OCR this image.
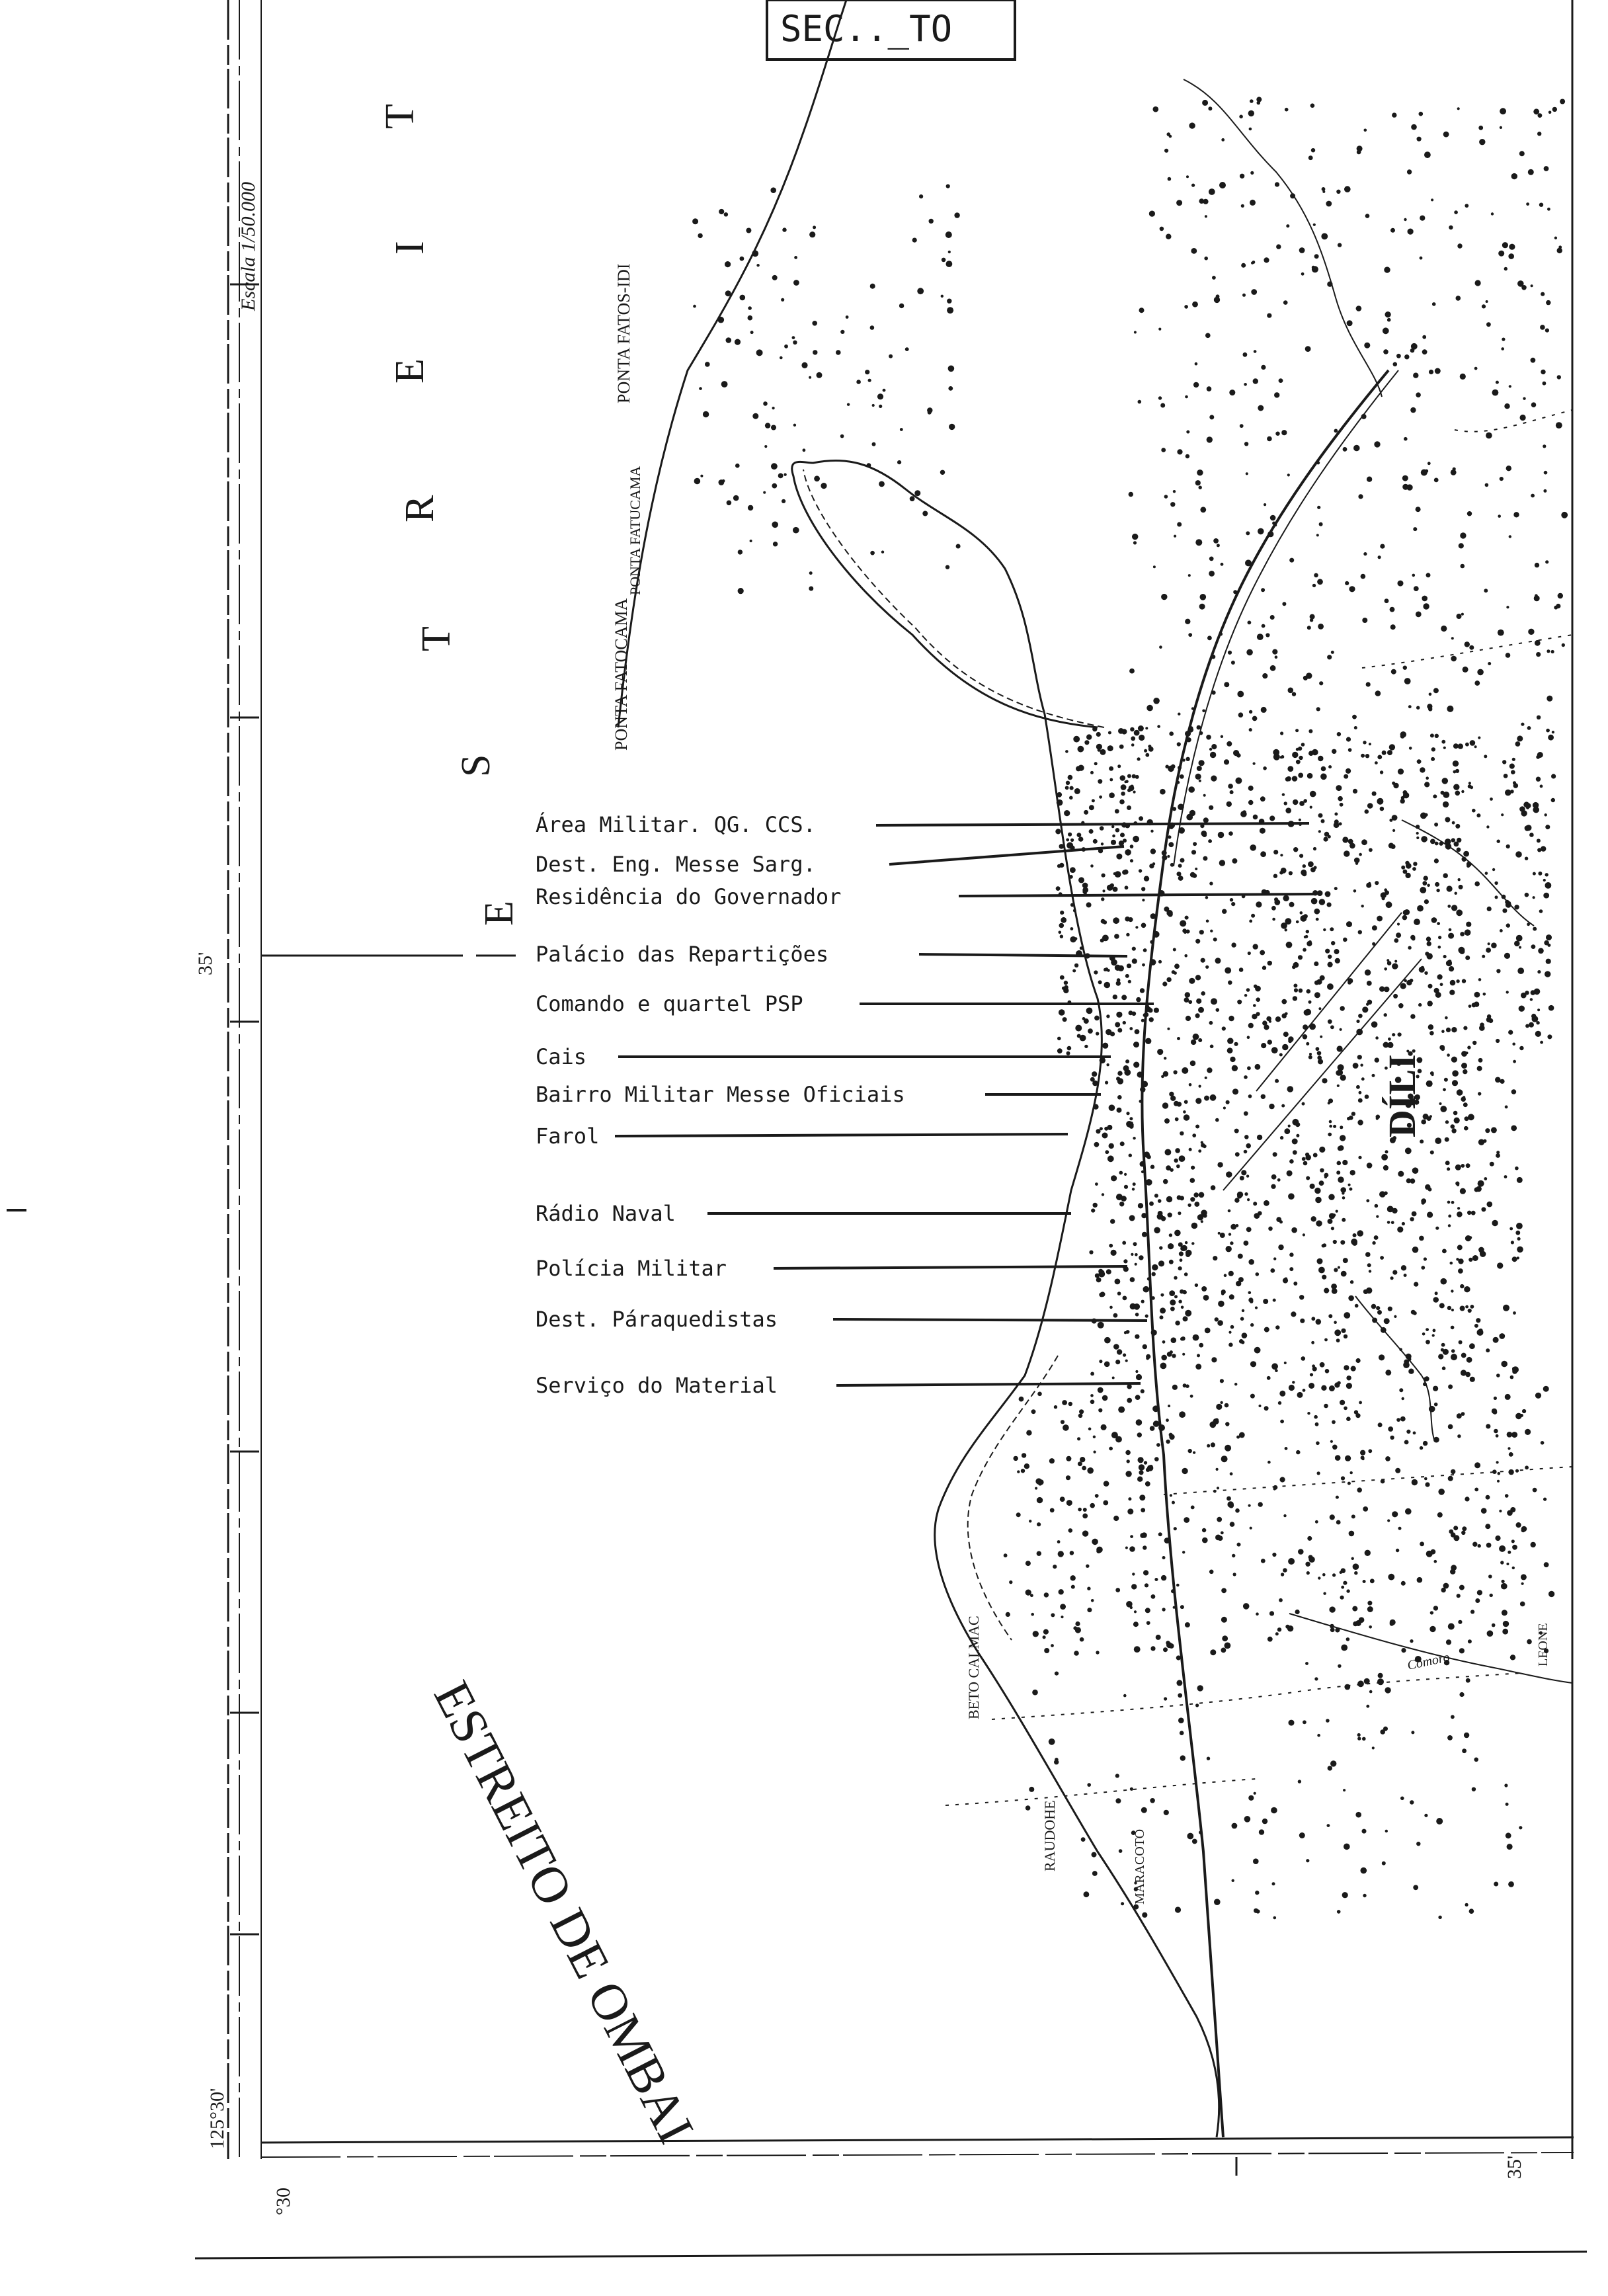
Área Militar. QG. CCS.
Dest. Eng. Messe Sarg.
Residência do Governador
Palácio das Repartições
Comando e quartel PSP
Cais
Bairro Militar Messe Oficiais
Farol
Rádio Naval
Polícia Militar
Dest. Páraquedistas
Serviço do Material
SEC.._TO
Escala 1/50.000
E
S
T
R
E
I
T
ESTREITO DE OMBAI
DÍLI
PONTA FATOCAMA
PONTA FATOS-IDI
PONTA FATUCAMA
BETO CALMAC
RAUDOHE	MARACOTO
Comoro	LEONE
125°30'
35'
35'
°30
